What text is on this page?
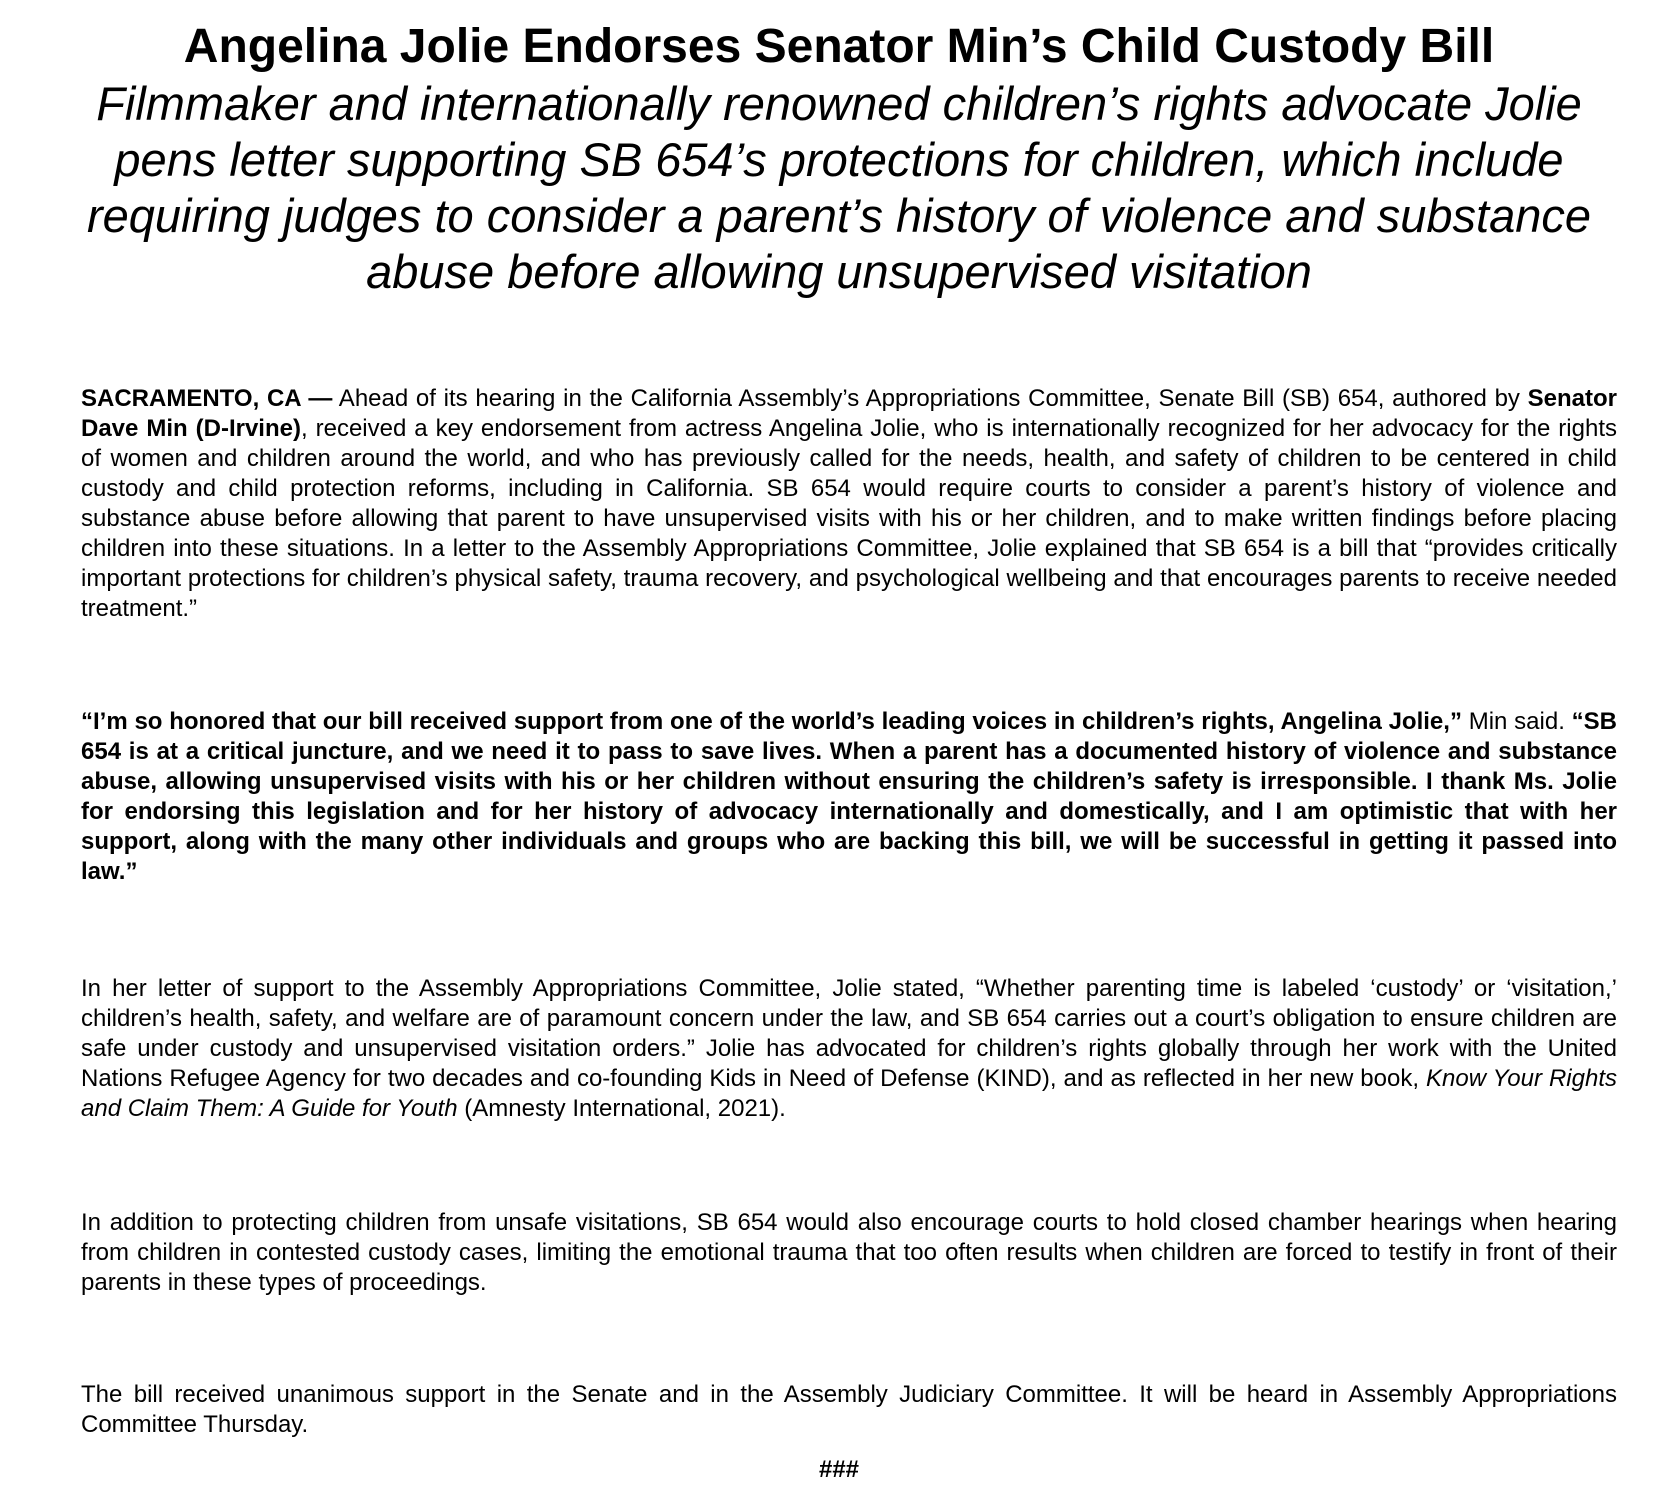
Angelina Jolie Endorses Senator Min’s Child Custody Bill
Filmmaker and internationally renowned children’s rights advocate Jolie pens letter supporting SB 654’s protections for children, which include requiring judges to consider a parent’s history of violence and substance abuse before allowing unsupervised visitation

SACRAMENTO, CA — Ahead of its hearing in the California Assembly’s Appropriations Committee, Senate Bill (SB) 654, authored by Senator Dave Min (D-Irvine), received a key endorsement from actress Angelina Jolie, who is internationally recognized for her advocacy for the rights of women and children around the world, and who has previously called for the needs, health, and safety of children to be centered in child custody and child protection reforms, including in California. SB 654 would require courts to consider a parent’s history of violence and substance abuse before allowing that parent to have unsupervised visits with his or her children, and to make written findings before placing children into these situations. In a letter to the Assembly Appropriations Committee, Jolie explained that SB 654 is a bill that “provides critically important protections for children’s physical safety, trauma recovery, and psychological wellbeing and that encourages parents to receive needed treatment.”

“I’m so honored that our bill received support from one of the world’s leading voices in children’s rights, Angelina Jolie,” Min said. “SB 654 is at a critical juncture, and we need it to pass to save lives. When a parent has a documented history of violence and substance abuse, allowing unsupervised visits with his or her children without ensuring the children’s safety is irresponsible. I thank Ms. Jolie for endorsing this legislation and for her history of advocacy internationally and domestically, and I am optimistic that with her support, along with the many other individuals and groups who are backing this bill, we will be successful in getting it passed into law.”

In her letter of support to the Assembly Appropriations Committee, Jolie stated, “Whether parenting time is labeled ‘custody’ or ‘visitation,’ children’s health, safety, and welfare are of paramount concern under the law, and SB 654 carries out a court’s obligation to ensure children are safe under custody and unsupervised visitation orders.” Jolie has advocated for children’s rights globally through her work with the United Nations Refugee Agency for two decades and co-founding Kids in Need of Defense (KIND), and as reflected in her new book, Know Your Rights and Claim Them: A Guide for Youth (Amnesty International, 2021).

In addition to protecting children from unsafe visitations, SB 654 would also encourage courts to hold closed chamber hearings when hearing from children in contested custody cases, limiting the emotional trauma that too often results when children are forced to testify in front of their parents in these types of proceedings.

The bill received unanimous support in the Senate and in the Assembly Judiciary Committee. It will be heard in Assembly Appropriations Committee Thursday.

###
